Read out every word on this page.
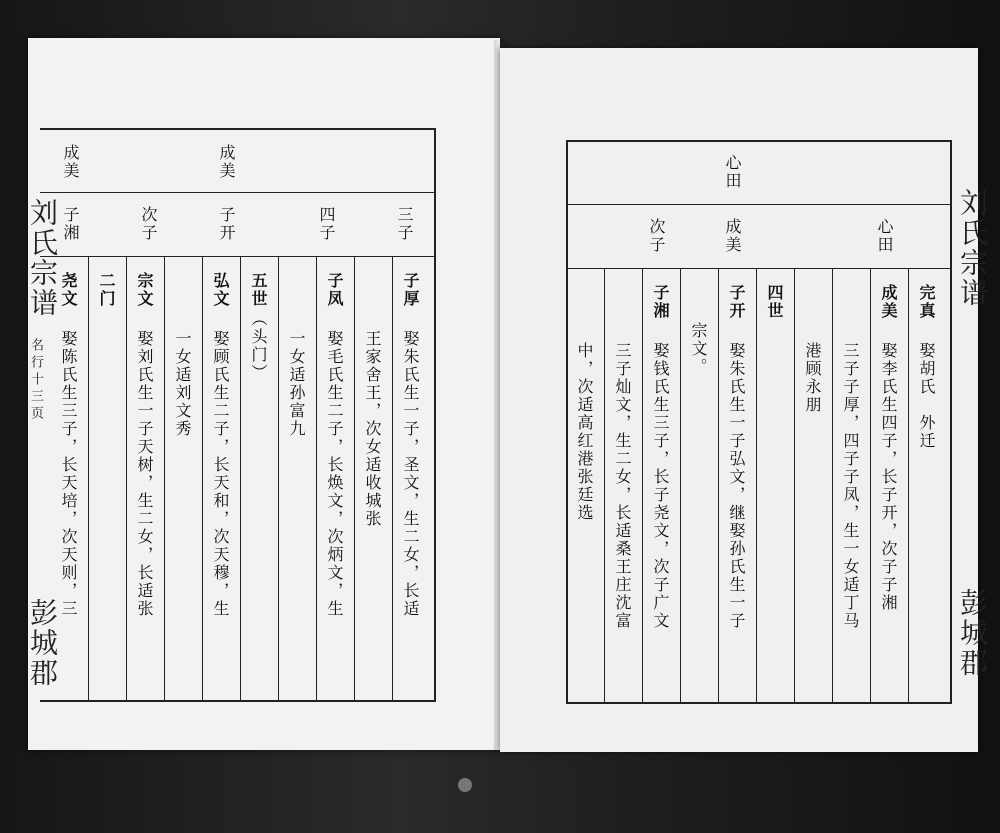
刘氏宗谱
名行十三页
彭城郡
成美	成美
三子
四子
子开
次子
子湘
子厚
娶朱氏生一子，圣文，生二女，长适
王家舍王，次女适收城张
子凤
娶毛氏生二子，长焕文，次炳文，生
一女适孙富九
五世
（头门）
弘文
娶顾氏生二子，长天和，次天穆，生
一女适刘文秀
宗文
娶刘氏生一子天树，生二女，长适张
二门
尧文
娶陈氏生三子，长天培，次天则，三
刘氏宗谱
彭城郡
心田
心田
成美
次子
完真
娶胡氏　外迁
成美
娶李氏生四子，长子开，次子子湘
三子子厚，四子子凤，生一女适丁马
港顾永朋
四世
子开
娶朱氏生一子弘文，继娶孙氏生一子
宗文。
子湘
娶钱氏生三子，长子尧文，次子广文
三子灿文，生二女，长适桑王庄沈富
中，次适高红港张廷选
